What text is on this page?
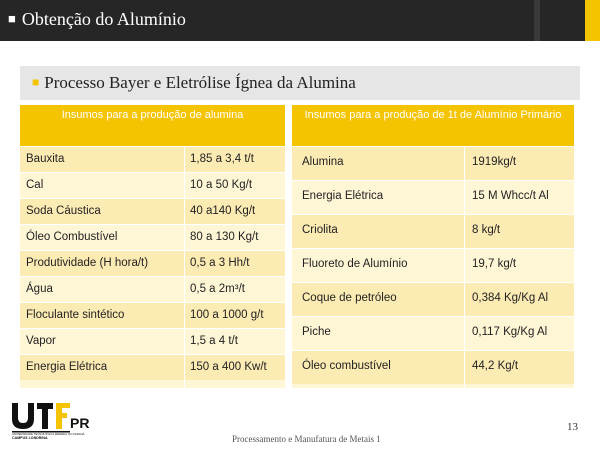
■ Obtenção do Alumínio
■ Processo Bayer e Eletrólise Ígnea da Alumina
Insumos para a produção de alumina
Bauxita	1,85 a 3,4 t/t
Cal	10 a 50 Kg/t
Soda Cáustica	40 a140 Kg/t
Óleo Combustível	80 a 130 Kg/t
Produtividade (H hora/t)	0,5 a 3 Hh/t
Água	0,5 a 2m³/t
Floculante sintético	100 a 1000 g/t
Vapor	1,5 a 4 t/t
Energia Elétrica	150 a 400 Kw/t
Insumos para a produção de 1t de Alumínio Primário
Alumina	1919kg/t
Energia Elétrica	15 M Whcc/t Al
Criolita	8 kg/t
Fluoreto de Alumínio	19,7 kg/t
Coque de petróleo	0,384 Kg/Kg Al
Piche	0,117 Kg/Kg Al
Óleo combustível	44,2 Kg/t
PR
UNIVERSIDADE TECNOLÓGICA FEDERAL DO PARANÁ
CAMPUS LONDRINA	Processamento e Manufatura de Metais 1
13
